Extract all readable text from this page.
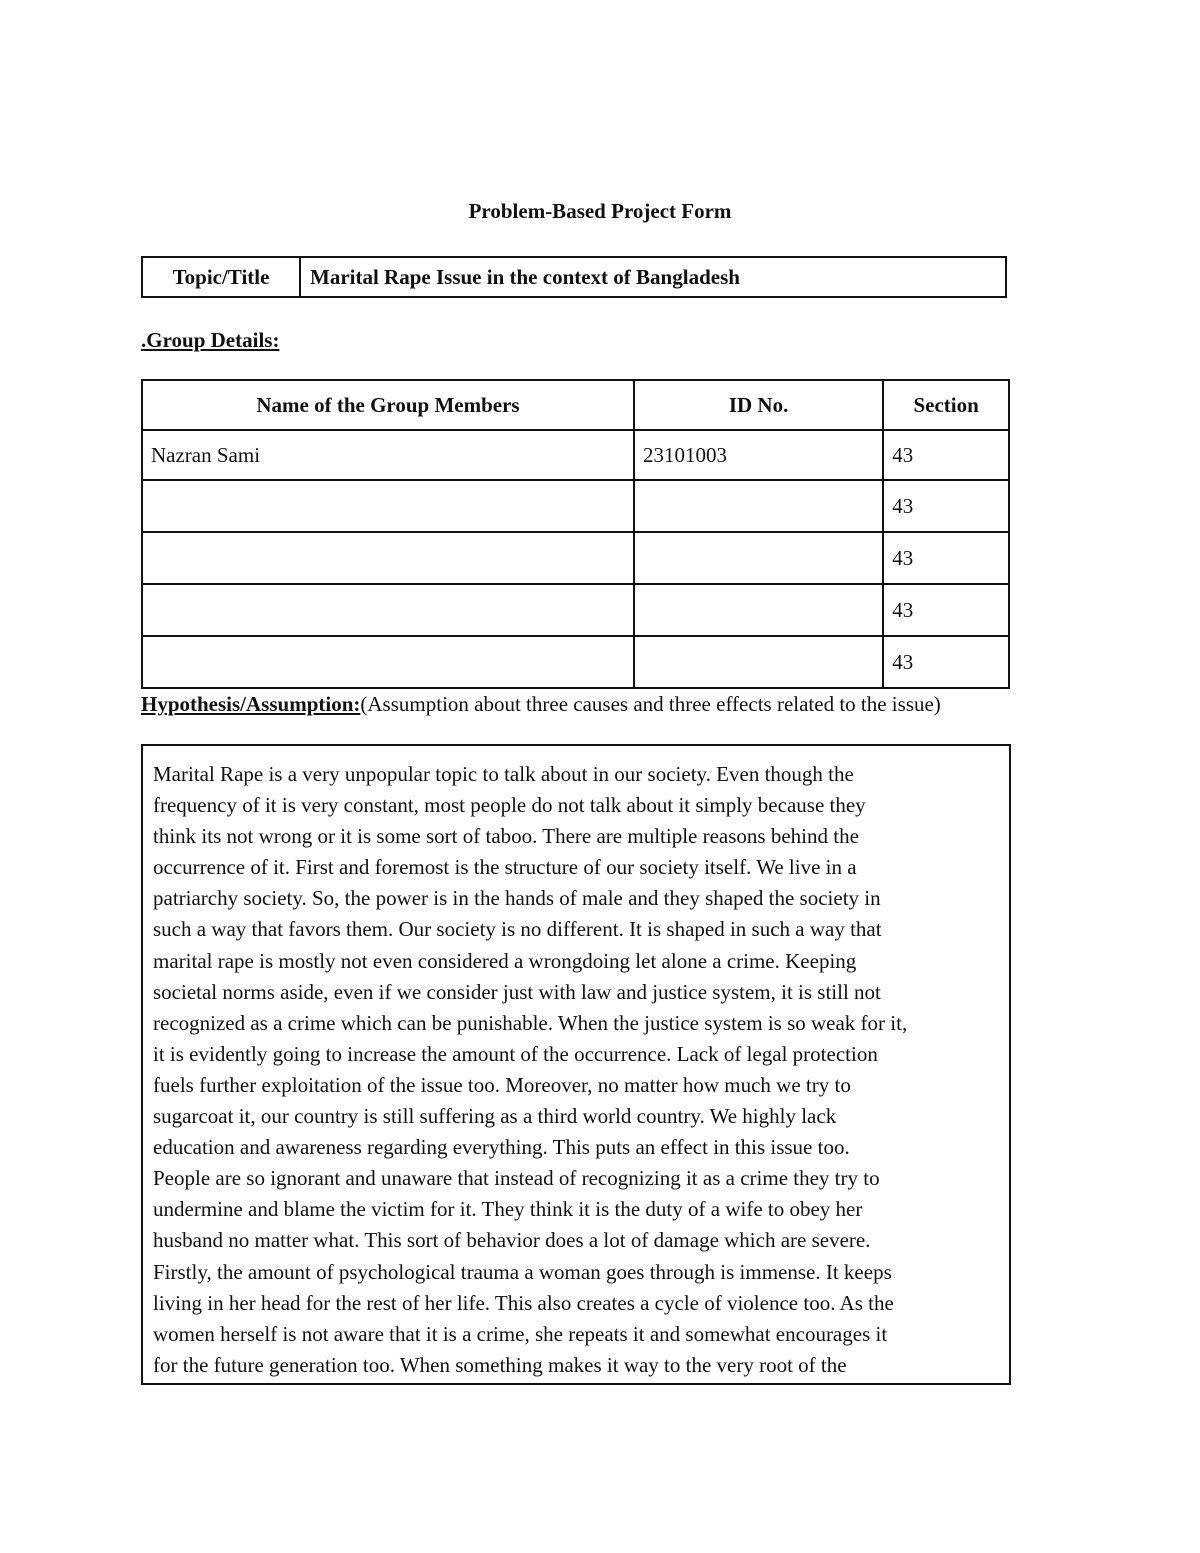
Problem-Based Project Form
Topic/Title	Marital Rape Issue in the context of Bangladesh
.Group Details:
Name of the Group Members	ID No.	Section
Nazran Sami	23101003	43
		43
		43
		43
		43
Hypothesis/Assumption:(Assumption about three causes and three effects related to the issue)

Marital Rape is a very unpopular topic to talk about in our society. Even though the
frequency of it is very constant, most people do not talk about it simply because they
think its not wrong or it is some sort of taboo. There are multiple reasons behind the
occurrence of it. First and foremost is the structure of our society itself. We live in a
patriarchy society. So, the power is in the hands of male and they shaped the society in
such a way that favors them. Our society is no different. It is shaped in such a way that
marital rape is mostly not even considered a wrongdoing let alone a crime. Keeping
societal norms aside, even if we consider just with law and justice system, it is still not
recognized as a crime which can be punishable. When the justice system is so weak for it,
it is evidently going to increase the amount of the occurrence. Lack of legal protection
fuels further exploitation of the issue too. Moreover, no matter how much we try to
sugarcoat it, our country is still suffering as a third world country. We highly lack
education and awareness regarding everything. This puts an effect in this issue too.
People are so ignorant and unaware that instead of recognizing it as a crime they try to
undermine and blame the victim for it. They think it is the duty of a wife to obey her
husband no matter what. This sort of behavior does a lot of damage which are severe.
Firstly, the amount of psychological trauma a woman goes through is immense. It keeps
living in her head for the rest of her life. This also creates a cycle of violence too. As the
women herself is not aware that it is a crime, she repeats it and somewhat encourages it
for the future generation too. When something makes it way to the very root of the
